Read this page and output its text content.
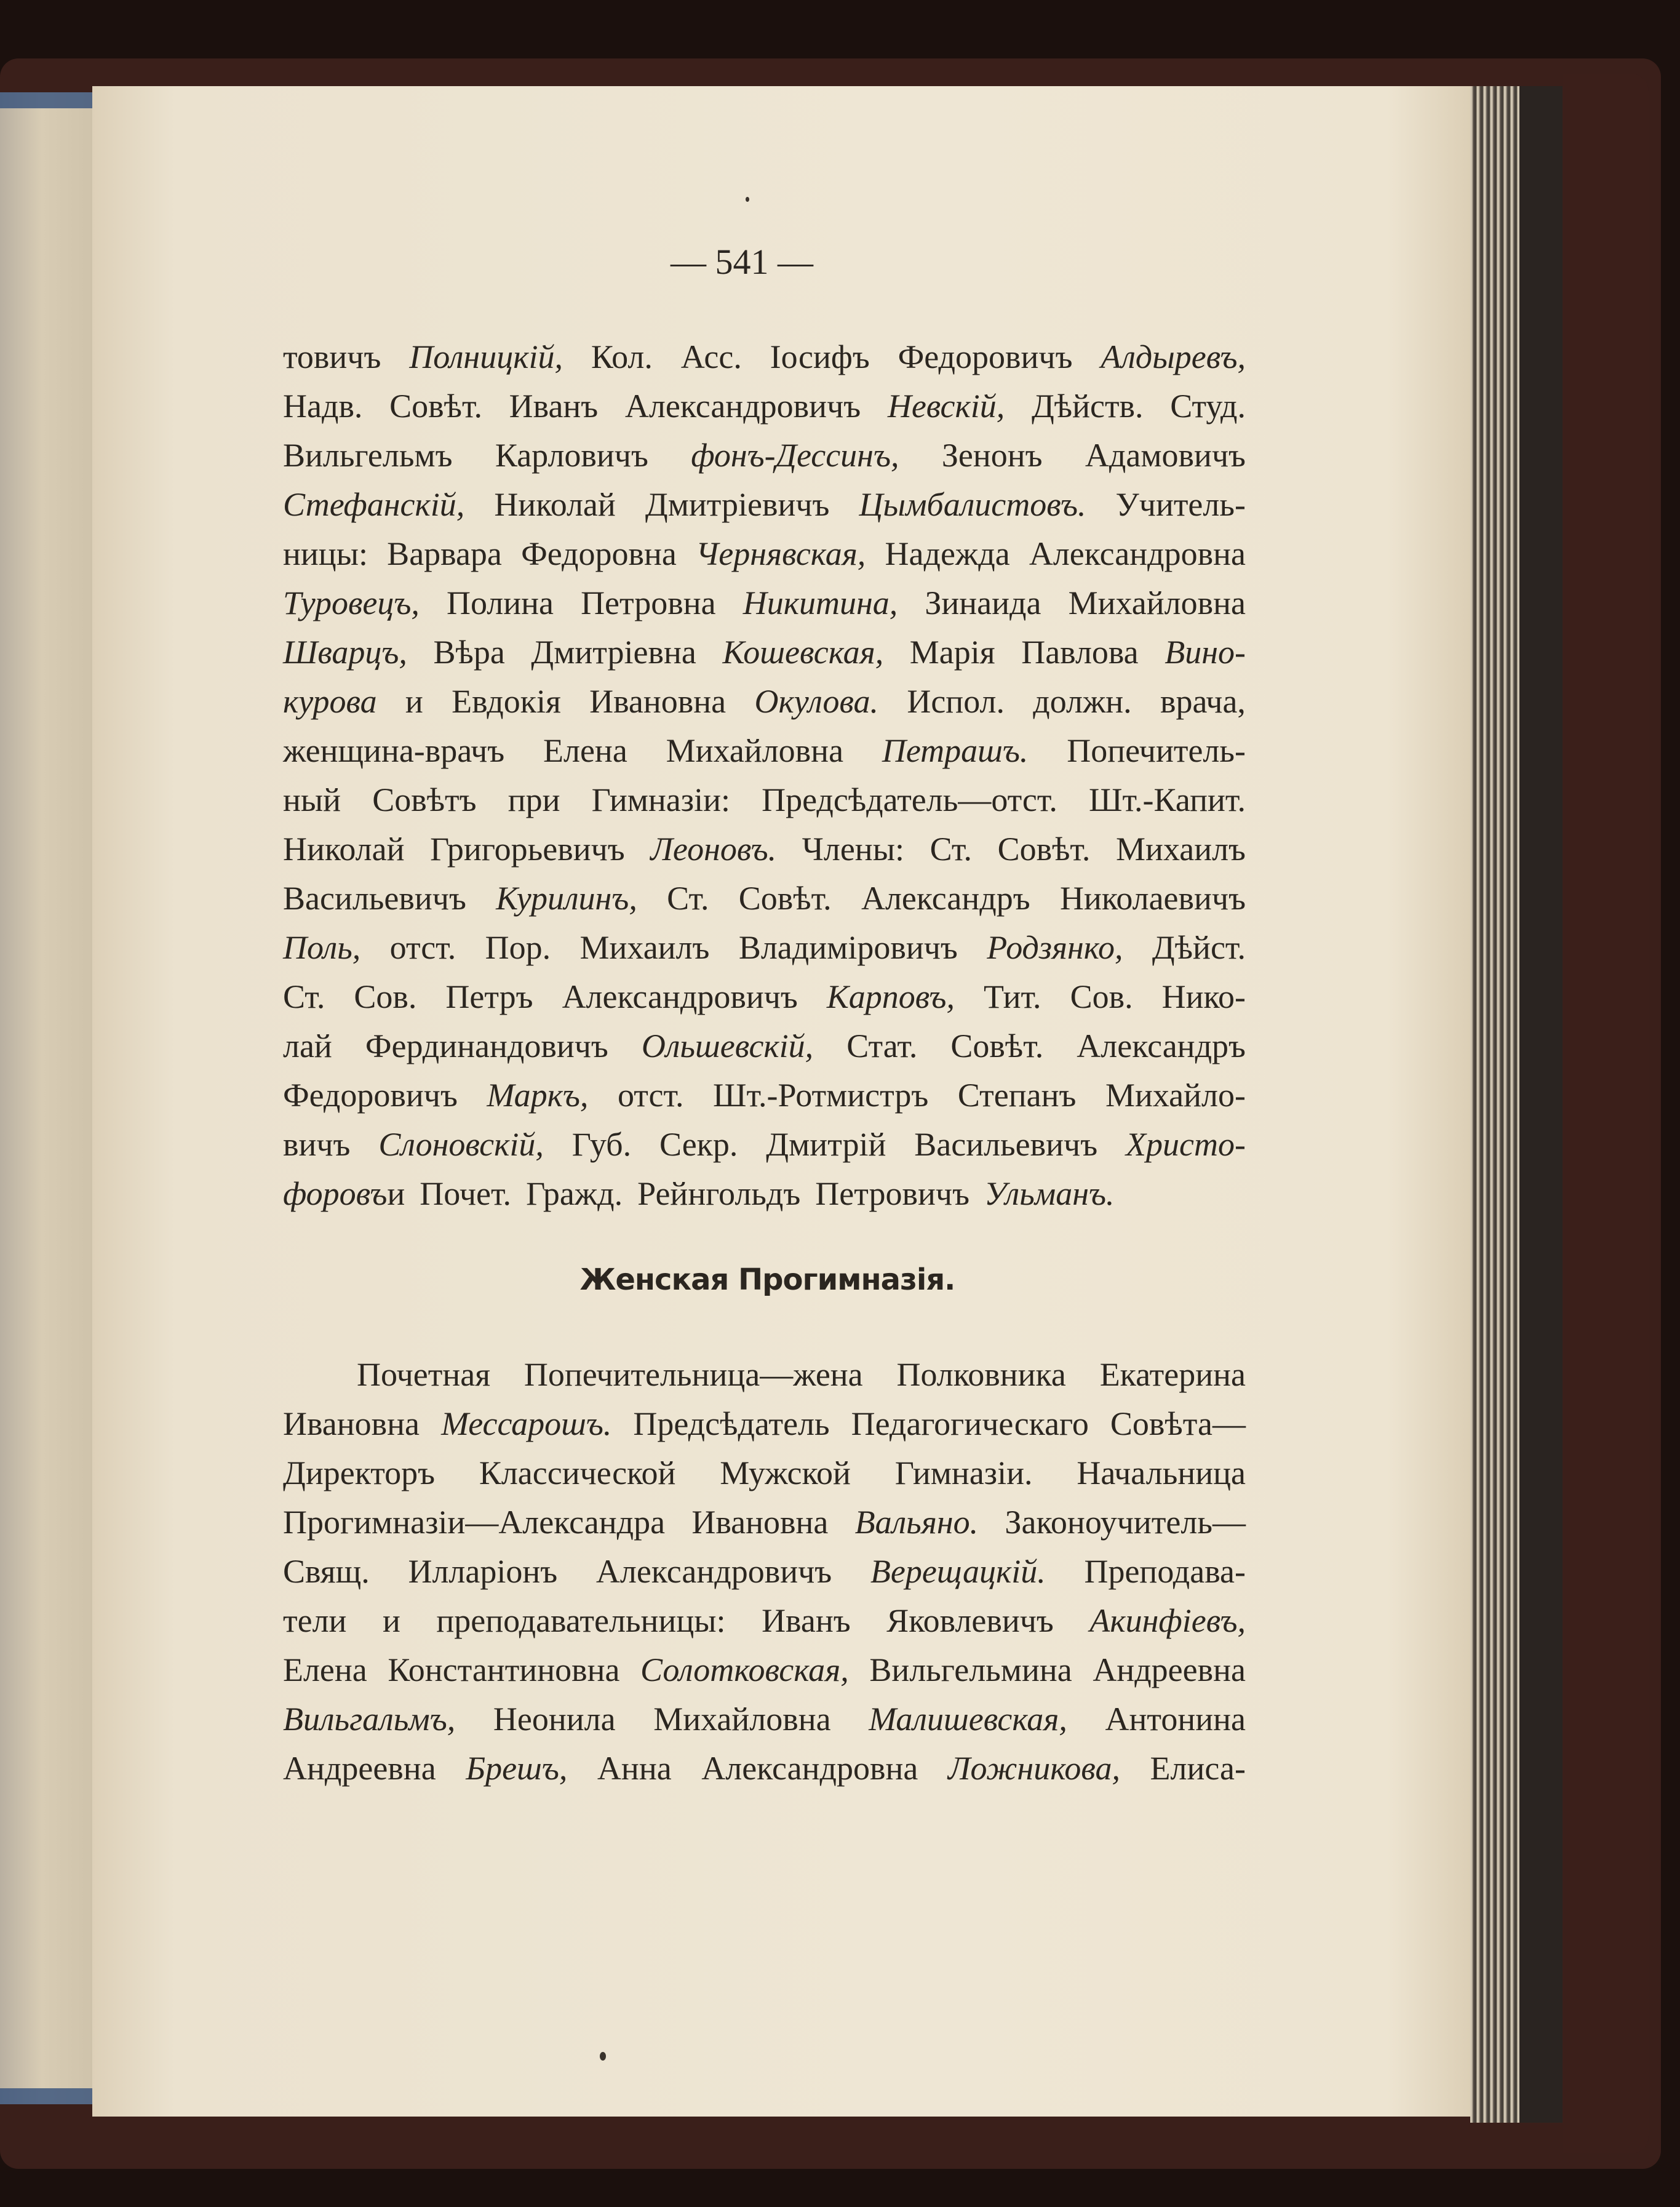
— 541 —
товичъ Полницкій, Кол. Асс. Іосифъ Федоровичъ Алдыревъ,
Надв. Совѣт. Иванъ Александровичъ Невскій, Дѣйств. Студ.
Вильгельмъ Карловичъ фонъ-Дессинъ, Зенонъ Адамовичъ
Стефанскій, Николай Дмитріевичъ Цымбалистовъ. Учитель-
ницы: Варвара Федоровна Чернявская, Надежда Александровна
Туровецъ, Полина Петровна Никитина, Зинаида Михайловна
Шварцъ, Вѣра Дмитріевна Кошевская, Марія Павлова Вино-
курова и Евдокія Ивановна Окулова. Испол. должн. врача,
женщина-врачъ Елена Михайловна Петрашъ. Попечитель-
ный Совѣтъ при Гимназіи: Предсѣдатель—отст. Шт.-Капит.
Николай Григорьевичъ Леоновъ. Члены: Ст. Совѣт. Михаилъ
Васильевичъ Курилинъ, Ст. Совѣт. Александръ Николаевичъ
Поль, отст. Пор. Михаилъ Владиміровичъ Родзянко, Дѣйст.
Ст. Сов. Петръ Александровичъ Карповъ, Тит. Сов. Нико-
лай Фердинандовичъ Ольшевскій, Стат. Совѣт. Александръ
Федоровичъ Маркъ, отст. Шт.-Ротмистръ Степанъ Михайло-
вичъ Слоновскій, Губ. Секр. Дмитрій Васильевичъ Христо-
форовъ и Почет. Гражд. Рейнгольдъ Петровичъ Ульманъ.
Женская Прогимназія.
Почетная Попечительница—жена Полковника Екатерина
Ивановна Мессарошъ. Предсѣдатель Педагогическаго Совѣта—
Директоръ Классической Мужской Гимназіи. Начальница
Прогимназіи—Александра Ивановна Вальяно. Законоучитель—
Свящ. Илларіонъ Александровичъ Верещацкій. Преподава-
тели и преподавательницы: Иванъ Яковлевичъ Акинфіевъ,
Елена Константиновна Солотковская, Вильгельмина Андреевна
Вильгальмъ, Неонила Михайловна Малишевская, Антонина
Андреевна Брешъ, Анна Александровна Ложникова, Елиса-
